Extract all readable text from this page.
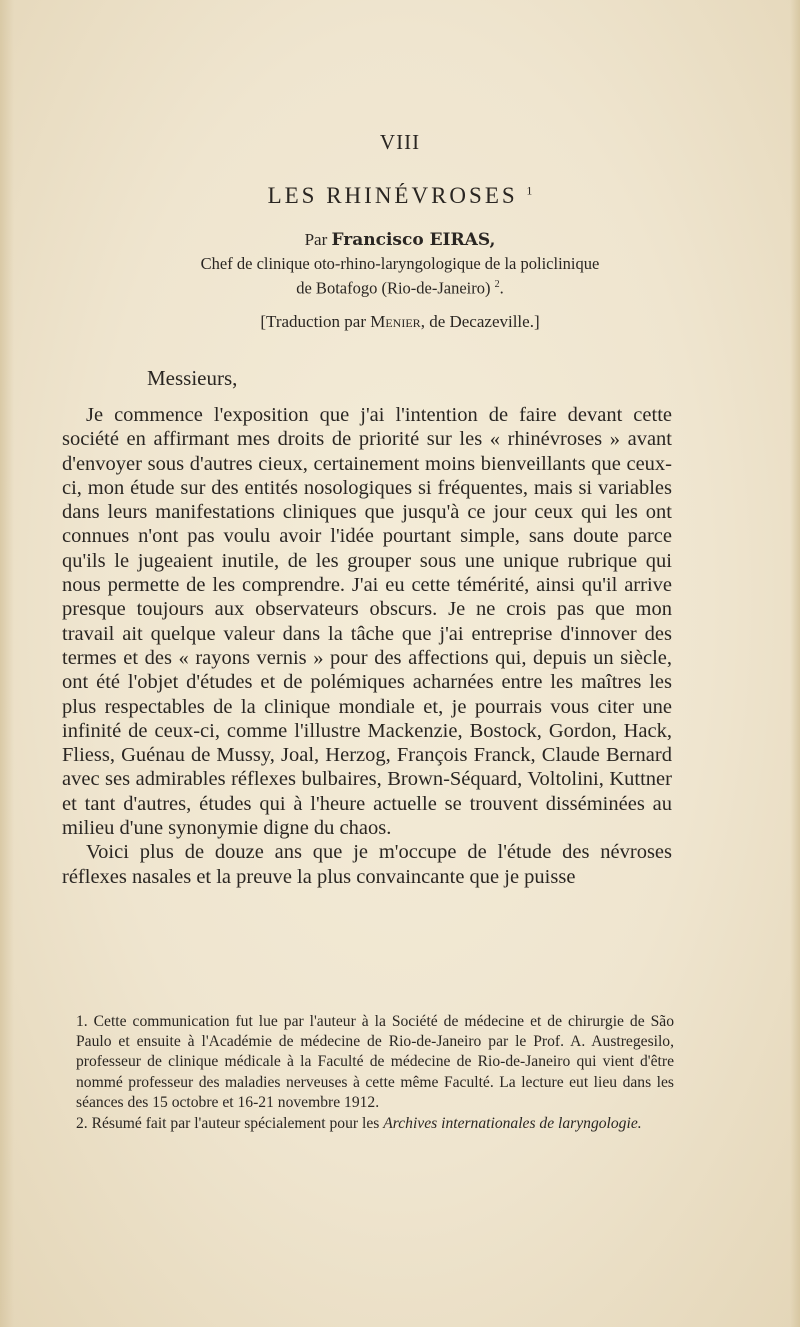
VIII
LES RHINÉVROSES $^1$
Par Francisco EIRAS,
Chef de clinique oto-rhino-laryngologique de la policlinique
de Botafogo (Rio-de-Janeiro) $^2$.
[Traduction par Menier, de Decazeville.]
Messieurs,

Je commence l'exposition que j'ai l'intention de faire devant cette société en affirmant mes droits de priorité sur les « rhinévroses » avant d'envoyer sous d'autres cieux, certainement moins bienveillants que ceux-ci, mon étude sur des entités nosologiques si fréquentes, mais si variables dans leurs manifestations cliniques que jusqu'à ce jour ceux qui les ont connues n'ont pas voulu avoir l'idée pourtant simple, sans doute parce qu'ils le jugeaient inutile, de les grouper sous une unique rubrique qui nous permette de les comprendre. J'ai eu cette témérité, ainsi qu'il arrive presque toujours aux observateurs obscurs. Je ne crois pas que mon travail ait quelque valeur dans la tâche que j'ai entreprise d'innover des termes et des « rayons vernis » pour des affections qui, depuis un siècle, ont été l'objet d'études et de polémiques acharnées entre les maîtres les plus respectables de la clinique mondiale et, je pourrais vous citer une infinité de ceux-ci, comme l'illustre Mackenzie, Bostock, Gordon, Hack, Fliess, Guénau de Mussy, Joal, Herzog, François Franck, Claude Bernard avec ses admirables réflexes bulbaires, Brown-Séquard, Voltolini, Kuttner et tant d'autres, études qui à l'heure actuelle se trouvent disséminées au milieu d'une synonymie digne du chaos.

Voici plus de douze ans que je m'occupe de l'étude des névroses réflexes nasales et la preuve la plus convaincante que je puisse

1. Cette communication fut lue par l'auteur à la Société de médecine et de chirurgie de São Paulo et ensuite à l'Académie de médecine de Rio-de-Janeiro par le Prof. A. Austregesilo, professeur de clinique médicale à la Faculté de médecine de Rio-de-Janeiro qui vient d'être nommé professeur des maladies nerveuses à cette même Faculté. La lecture eut lieu dans les séances des 15 octobre et 16-21 novembre 1912.

2. Résumé fait par l'auteur spécialement pour les Archives internationales de laryngologie.
